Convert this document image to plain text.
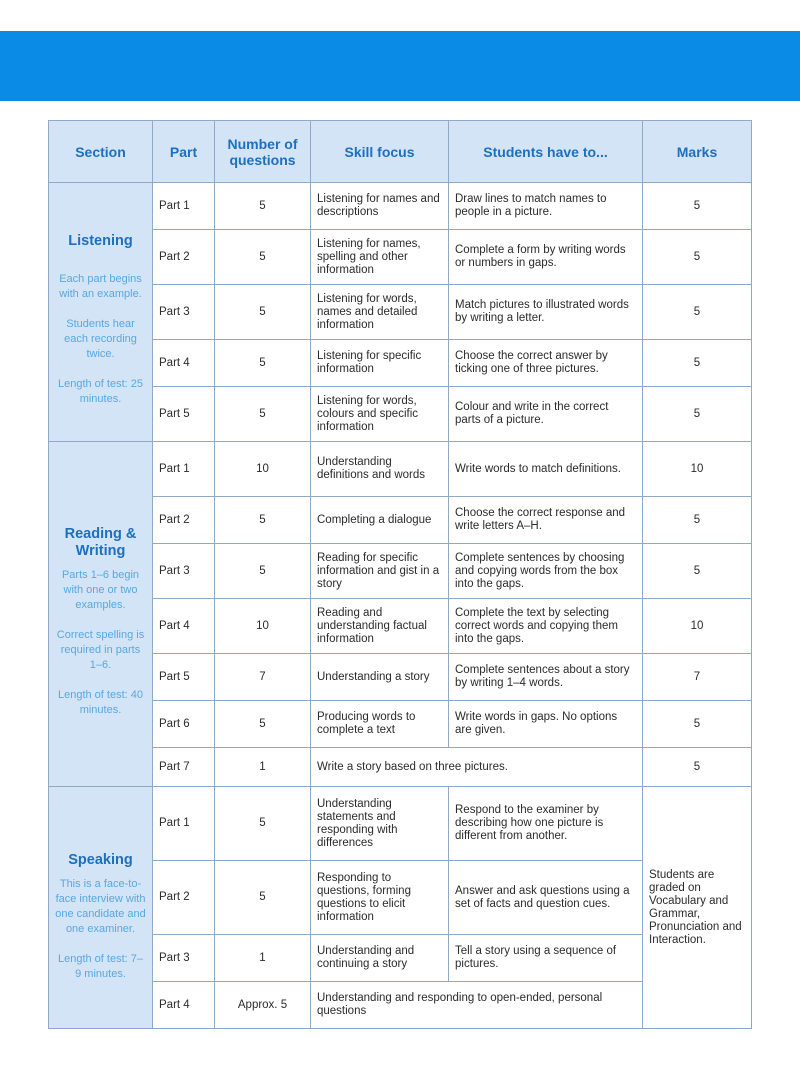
Section	Part	Number of questions	Skill focus	Students have to...	Marks

Listening
Each part begins with an example.
Students hear each recording twice.
Length of test: 25 minutes.	Part 1	5	Listening for names and descriptions	Draw lines to match names to people in a picture.	5
	Part 2	5	Listening for names, spelling and other information	Complete a form by writing words or numbers in gaps.	5
	Part 3	5	Listening for words, names and detailed information	Match pictures to illustrated words by writing a letter.	5
	Part 4	5	Listening for specific information	Choose the correct answer by ticking one of three pictures.	5
	Part 5	5	Listening for words, colours and specific information	Colour and write in the correct parts of a picture.	5

Reading & Writing
Parts 1–6 begin with one or two examples.
Correct spelling is required in parts 1–6.
Length of test: 40 minutes.	Part 1	10	Understanding definitions and words	Write words to match definitions.	10
	Part 2	5	Completing a dialogue	Choose the correct response and write letters A–H.	5
	Part 3	5	Reading for specific information and gist in a story	Complete sentences by choosing and copying words from the box into the gaps.	5
	Part 4	10	Reading and understanding factual information	Complete the text by selecting correct words and copying them into the gaps.	10
	Part 5	7	Understanding a story	Complete sentences about a story by writing 1–4 words.	7
	Part 6	5	Producing words to complete a text	Write words in gaps. No options are given.	5
	Part 7	1	Write a story based on three pictures.		5

Speaking
This is a face-to-face interview with one candidate and one examiner.
Length of test: 7–9 minutes.	Part 1	5	Understanding statements and responding with differences	Respond to the examiner by describing how one picture is different from another.	Students are graded on Vocabulary and Grammar, Pronunciation and Interaction.
	Part 2	5	Responding to questions, forming questions to elicit information	Answer and ask questions using a set of facts and question cues.	
	Part 3	1	Understanding and continuing a story	Tell a story using a sequence of pictures.	
	Part 4	Approx. 5	Understanding and responding to open-ended, personal questions		
